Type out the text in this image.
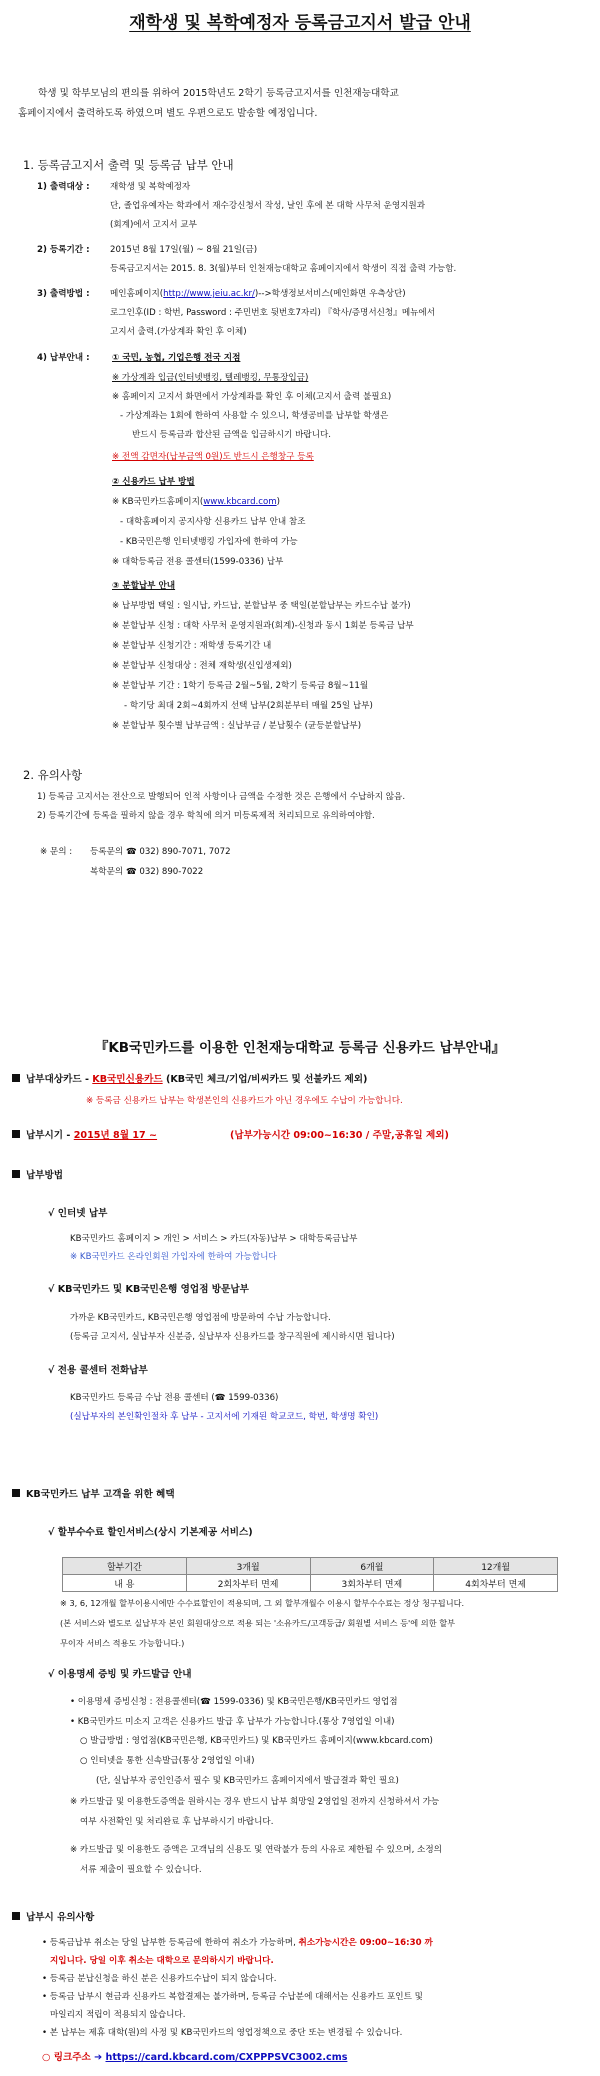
재학생 및 복학예정자 등록금고지서 발급 안내
학생 및 학부모님의 편의를 위하여 2015학년도 2학기 등록금고지서를 인천재능대학교
홈페이지에서 출력하도록 하였으며 별도 우편으로도 발송할 예정입니다.
1. 등록금고지서 출력 및 등록금 납부 안내
1) 출력대상 : 재학생 및 복학예정자
단, 졸업유예자는 학과에서 재수강신청서 작성, 날인 후에 본 대학 사무처 운영지원과
(회계)에서 고지서 교부
2) 등록기간 : 2015년 8월 17일(월) ~ 8월 21일(금)
등록금고지서는 2015. 8. 3(월)부터 인천재능대학교 홈페이지에서 학생이 직접 출력 가능함.
3) 출력방법 : 메인홈페이지(http://www.jeiu.ac.kr/)-->학생정보서비스(메인화면 우측상단)
로그인후(ID : 학번, Password : 주민번호 뒷번호7자리) 『학사/증명서신청』메뉴에서
고지서 출력.(가상계좌 확인 후 이체)
4) 납부안내 :	① 국민, 농협, 기업은행 전국 지점
※ 가상계좌 입금(인터넷뱅킹, 텔레뱅킹, 무통장입금)
※ 홈페이지 고지서 화면에서 가상계좌를 확인 후 이체(고지서 출력 불필요)
- 가상계좌는 1회에 한하여 사용할 수 있으니, 학생공비를 납부할 학생은
반드시 등록금과 합산된 금액을 입금하시기 바랍니다.
※ 전액 감면자(납부금액 0원)도 반드시 은행창구 등록
② 신용카드 납부 방법
※ KB국민카드홈페이지(www.kbcard.com)
- 대학홈페이지 공지사항 신용카드 납부 안내 참조
- KB국민은행 인터넷뱅킹 가입자에 한하여 가능
※ 대학등록금 전용 콜센터(1599-0336) 납부
③ 분할납부 안내
※ 납부방법 택일 : 일시납, 카드납, 분할납부 중 택일(분할납부는 카드수납 불가)
※ 분할납부 신청 : 대학 사무처 운영지원과(회계)-신청과 동시 1회분 등록금 납부
※ 분할납부 신청기간 : 재학생 등록기간 내
※ 분할납부 신청대상 : 전체 재학생(신입생제외)
※ 분할납부 기간 : 1학기 등록금 2월~5월, 2학기 등록금 8월~11월
- 학기당 최대 2회~4회까지 선택 납부(2회분부터 매월 25일 납부)
※ 분할납부 횟수별 납부금액 : 실납부금 / 분납횟수 (균등분할납부)
2. 유의사항
1) 등록금 고지서는 전산으로 발행되어 인적 사항이나 금액을 수정한 것은 은행에서 수납하지 않음.
2) 등록기간에 등록을 필하지 않을 경우 학칙에 의거 미등록제적 처리되므로 유의하여야함.
※ 문의 : 등록문의 ☎ 032) 890-7071, 7072
복학문의 ☎ 032) 890-7022
『KB국민카드를 이용한 인천재능대학교 등록금 신용카드 납부안내』
납부대상카드 - KB국민신용카드 (KB국민 체크/기업/비씨카드 및 선불카드 제외)
※ 등록금 신용카드 납부는 학생본인의 신용카드가 아닌 경우에도 수납이 가능합니다.
납부시기 - 2015년 8월 17 ~	(납부가능시간 09:00~16:30 / 주말,공휴일 제외)
납부방법
√ 인터넷 납부
KB국민카드 홈페이지 > 개인 > 서비스 > 카드(자동)납부 > 대학등록금납부
※ KB국민카드 온라인회원 가입자에 한하여 가능합니다
√ KB국민카드 및 KB국민은행 영업점 방문납부
가까운 KB국민카드, KB국민은행 영업점에 방문하여 수납 가능합니다.
(등록금 고지서, 실납부자 신분증, 실납부자 신용카드를 창구직원에 제시하시면 됩니다)
√ 전용 콜센터 전화납부
KB국민카드 등록금 수납 전용 콜센터 (☎ 1599-0336)
(실납부자의 본인확인절차 후 납부 - 고지서에 기재된 학교코드, 학번, 학생명 확인)
KB국민카드 납부 고객을 위한 혜택
√ 할부수수료 할인서비스(상시 기본제공 서비스)
할부기간	3개월	6개월	12개월
내 용	2회차부터 면제	3회차부터 면제	4회차부터 면제
※ 3, 6, 12개월 할부이용시에만 수수료할인이 적용되며, 그 외 할부개월수 이용시 할부수수료는 정상 청구됩니다.
(본 서비스와 별도로 실납부자 본인 회원대상으로 적용 되는 '소유카드/고객등급/ 회원별 서비스 등'에 의한 할부
무이자 서비스 적용도 가능합니다.)
√ 이용명세 증빙 및 카드발급 안내
• 이용명세 증빙신청 : 전용콜센터(☎ 1599-0336) 및 KB국민은행/KB국민카드 영업점
• KB국민카드 미소지 고객은 신용카드 발급 후 납부가 가능합니다.(통상 7영업일 이내)
○ 발급방법 : 영업점(KB국민은행, KB국민카드) 및 KB국민카드 홈페이지(www.kbcard.com)
○ 인터넷을 통한 신속발급(통상 2영업일 이내)
(단, 실납부자 공인인증서 필수 및 KB국민카드 홈페이지에서 발급결과 확인 필요)
※ 카드발급 및 이용한도증액을 원하시는 경우 반드시 납부 희망일 2영업일 전까지 신청하셔서 가능
여부 사전확인 및 처리완료 후 납부하시기 바랍니다.
※ 카드발급 및 이용한도 증액은 고객님의 신용도 및 연락불가 등의 사유로 제한될 수 있으며, 소정의
서류 제출이 필요할 수 있습니다.
납부시 유의사항
• 등록금납부 취소는 당일 납부한 등록금에 한하여 취소가 가능하며, 취소가능시간은 09:00~16:30 까
지입니다. 당일 이후 취소는 대학으로 문의하시기 바랍니다.
• 등록금 분납신청을 하신 분은 신용카드수납이 되지 않습니다.
• 등록금 납부시 현금과 신용카드 복합결제는 불가하며, 등록금 수납분에 대해서는 신용카드 포인트 및
마일리지 적립이 적용되지 않습니다.
• 본 납부는 제휴 대학(원)의 사정 및 KB국민카드의 영업정책으로 중단 또는 변경될 수 있습니다.
○ 링크주소 ➔ https://card.kbcard.com/CXPPPSVC3002.cms
